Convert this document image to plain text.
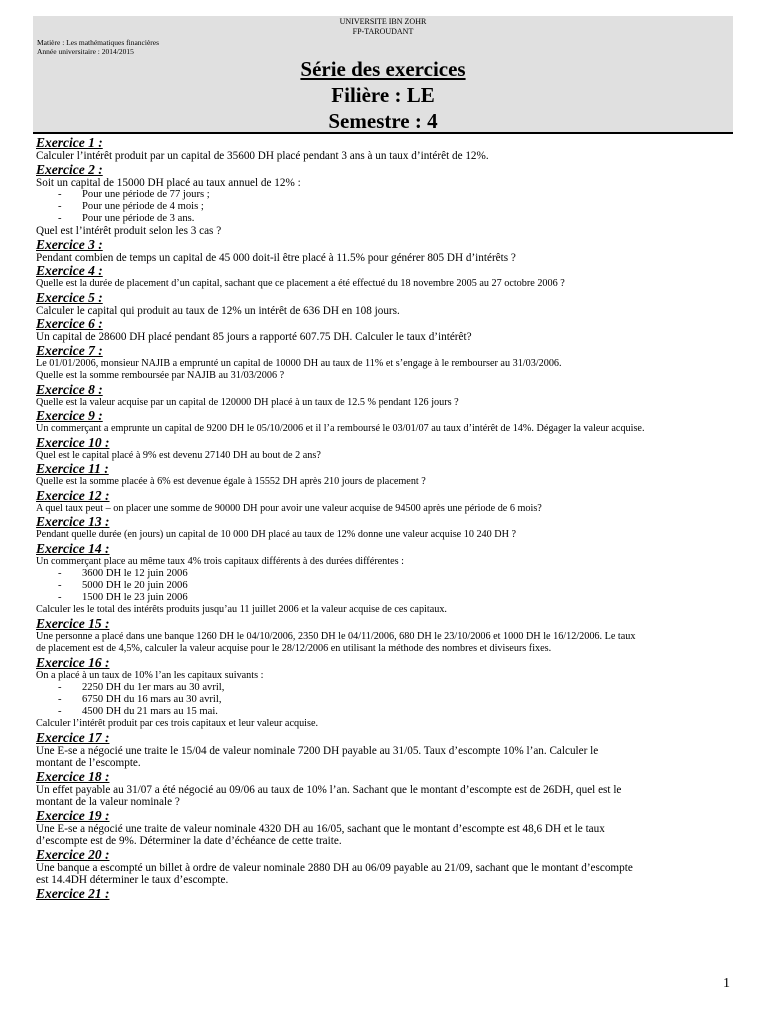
UNIVERSITE IBN ZOHR
FP-TAROUDANT
Matière : Les mathématiques financières
Année universitaire : 2014/2015
Série des exercices
Filière : LE
Semestre : 4
Exercice 1 :
Calculer l’intérêt produit par un capital de 35600 DH placé pendant 3 ans à un taux d’intérêt de 12%.
Exercice 2 :
Soit un capital de 15000 DH placé au taux annuel de 12% :
- Pour une période de 77 jours ;
- Pour une période de 4 mois ;
- Pour une période de 3 ans.
Quel est l’intérêt produit selon les 3 cas ?
Exercice 3 :
Pendant combien de temps un capital de 45 000 doit-il être placé à 11.5% pour générer 805 DH d’intérêts ?
Exercice 4 :
Quelle est la durée de placement d’un capital, sachant que ce placement a été effectué du 18 novembre 2005 au 27 octobre 2006 ?
Exercice 5 :
Calculer le capital qui produit au taux de 12% un intérêt de 636 DH en 108 jours.
Exercice 6 :
Un capital de 28600 DH placé pendant 85 jours a rapporté 607.75 DH. Calculer le taux d’intérêt?
Exercice 7 :
Le 01/01/2006, monsieur NAJIB a emprunté un capital de 10000 DH au taux de 11% et s’engage à le rembourser au 31/03/2006.
Quelle est la somme remboursée par NAJIB au 31/03/2006 ?
Exercice 8 :
Quelle est la valeur acquise par un capital de 120000 DH placé à un taux de 12.5 % pendant 126 jours ?
Exercice 9 :
Un commerçant a emprunte un capital de 9200 DH le 05/10/2006 et il l’a remboursé le 03/01/07 au taux d’intérêt de 14%. Dégager la valeur acquise.
Exercice 10 :
Quel est le capital placé à 9% est devenu 27140 DH au bout de 2 ans?
Exercice 11 :
Quelle est la somme placée à 6% est devenue égale à 15552 DH après 210 jours de placement ?
Exercice 12 :
A quel taux peut – on placer une somme de 90000 DH pour avoir une valeur acquise de 94500 après une période de 6 mois?
Exercice 13 :
Pendant quelle durée (en jours) un capital de 10 000 DH placé au taux de 12% donne une valeur acquise 10 240 DH ?
Exercice 14 :
Un commerçant place au même taux 4% trois capitaux différents à des durées différentes :
- 3600 DH le 12 juin 2006
- 5000 DH le 20 juin 2006
- 1500 DH le 23 juin 2006
Calculer les le total des intérêts produits jusqu’au 11 juillet 2006 et la valeur acquise de ces capitaux.
Exercice 15 :
Une personne a placé dans une banque 1260 DH le 04/10/2006, 2350 DH le 04/11/2006, 680 DH le 23/10/2006 et 1000 DH le 16/12/2006. Le taux
de placement est de 4,5%, calculer la valeur acquise pour le 28/12/2006 en utilisant la méthode des nombres et diviseurs fixes.
Exercice 16 :
On a placé à un taux de 10% l’an les capitaux suivants :
- 2250 DH du 1er mars au 30 avril,
- 6750 DH du 16 mars au 30 avril,
- 4500 DH du 21 mars au 15 mai.
Calculer l’intérêt produit par ces trois capitaux et leur valeur acquise.
Exercice 17 :
Une E-se a négocié une traite le 15/04 de valeur nominale 7200 DH payable au 31/05. Taux d’escompte 10% l’an. Calculer le
montant de l’escompte.
Exercice 18 :
Un effet payable au 31/07 a été négocié au 09/06 au taux de 10% l’an. Sachant que le montant d’escompte est de 26DH, quel est le
montant de la valeur nominale ?
Exercice 19 :
Une E-se a négocié une traite de valeur nominale 4320 DH au 16/05, sachant que le montant d’escompte est 48,6 DH et le taux
d’escompte est de 9%. Déterminer la date d’échéance de cette traite.
Exercice 20 :
Une banque a escompté un billet à ordre de valeur nominale 2880 DH au 06/09 payable au 21/09, sachant que le montant d’escompte
est 14.4DH déterminer le taux d’escompte.
Exercice 21 :
1
